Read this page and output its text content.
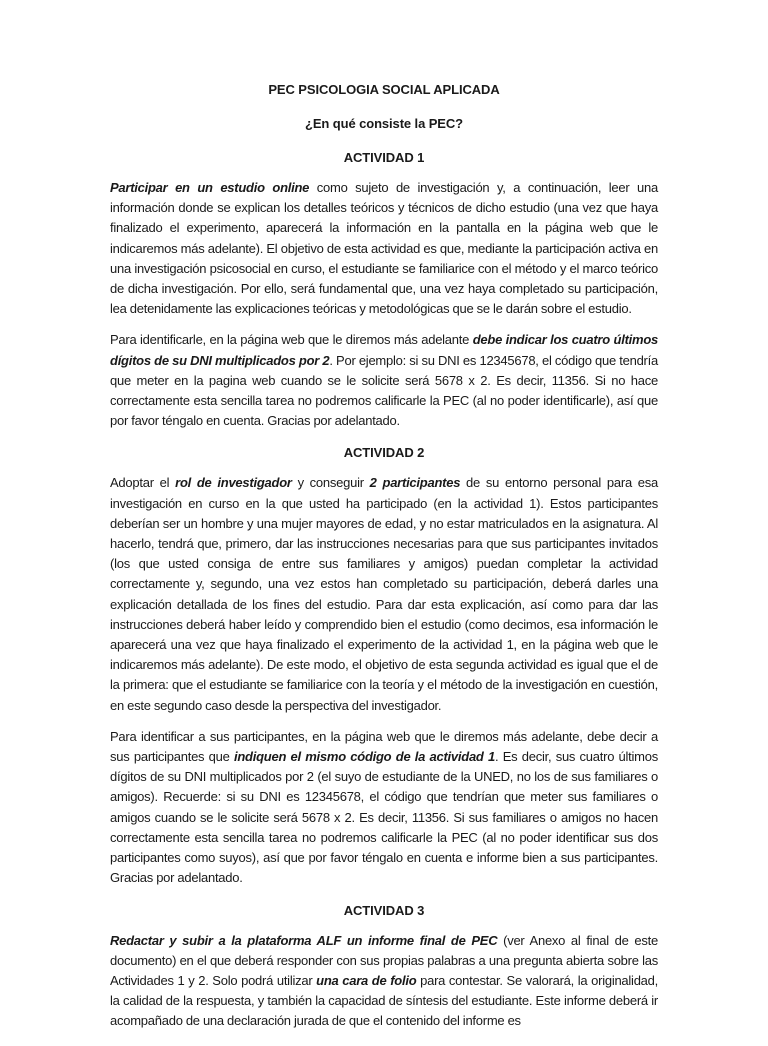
PEC PSICOLOGIA SOCIAL APLICADA
¿En qué consiste la PEC?
ACTIVIDAD 1

Participar en un estudio online como sujeto de investigación y, a continuación, leer una información donde se explican los detalles teóricos y técnicos de dicho estudio (una vez que haya finalizado el experimento, aparecerá la información en la pantalla en la página web que le indicaremos más adelante). El objetivo de esta actividad es que, mediante la participación activa en una investigación psicosocial en curso, el estudiante se familiarice con el método y el marco teórico de dicha investigación. Por ello, será fundamental que, una vez haya completado su participación, lea detenidamente las explicaciones teóricas y metodológicas que se le darán sobre el estudio.

Para identificarle, en la página web que le diremos más adelante debe indicar los cuatro últimos dígitos de su DNI multiplicados por 2. Por ejemplo: si su DNI es 12345678, el código que tendría que meter en la pagina web cuando se le solicite será 5678 x 2. Es decir, 11356. Si no hace correctamente esta sencilla tarea no podremos calificarle la PEC (al no poder identificarle), así que por favor téngalo en cuenta. Gracias por adelantado.

ACTIVIDAD 2

Adoptar el rol de investigador y conseguir 2 participantes de su entorno personal para esa investigación en curso en la que usted ha participado (en la actividad 1). Estos participantes deberían ser un hombre y una mujer mayores de edad, y no estar matriculados en la asignatura. Al hacerlo, tendrá que, primero, dar las instrucciones necesarias para que sus participantes invitados (los que usted consiga de entre sus familiares y amigos) puedan completar la actividad correctamente y, segundo, una vez estos han completado su participación, deberá darles una explicación detallada de los fines del estudio. Para dar esta explicación, así como para dar las instrucciones deberá haber leído y comprendido bien el estudio (como decimos, esa información le aparecerá una vez que haya finalizado el experimento de la actividad 1, en la página web que le indicaremos más adelante). De este modo, el objetivo de esta segunda actividad es igual que el de la primera: que el estudiante se familiarice con la teoría y el método de la investigación en cuestión, en este segundo caso desde la perspectiva del investigador.

Para identificar a sus participantes, en la página web que le diremos más adelante, debe decir a sus participantes que indiquen el mismo código de la actividad 1. Es decir, sus cuatro últimos dígitos de su DNI multiplicados por 2 (el suyo de estudiante de la UNED, no los de sus familiares o amigos). Recuerde: si su DNI es 12345678, el código que tendrían que meter sus familiares o amigos cuando se le solicite será 5678 x 2. Es decir, 11356. Si sus familiares o amigos no hacen correctamente esta sencilla tarea no podremos calificarle la PEC (al no poder identificar sus dos participantes como suyos), así que por favor téngalo en cuenta e informe bien a sus participantes. Gracias por adelantado.

ACTIVIDAD 3

Redactar y subir a la plataforma ALF un informe final de PEC (ver Anexo al final de este documento) en el que deberá responder con sus propias palabras a una pregunta abierta sobre las Actividades 1 y 2. Solo podrá utilizar una cara de folio para contestar. Se valorará, la originalidad, la calidad de la respuesta, y también la capacidad de síntesis del estudiante. Este informe deberá ir acompañado de una declaración jurada de que el contenido del informe es
